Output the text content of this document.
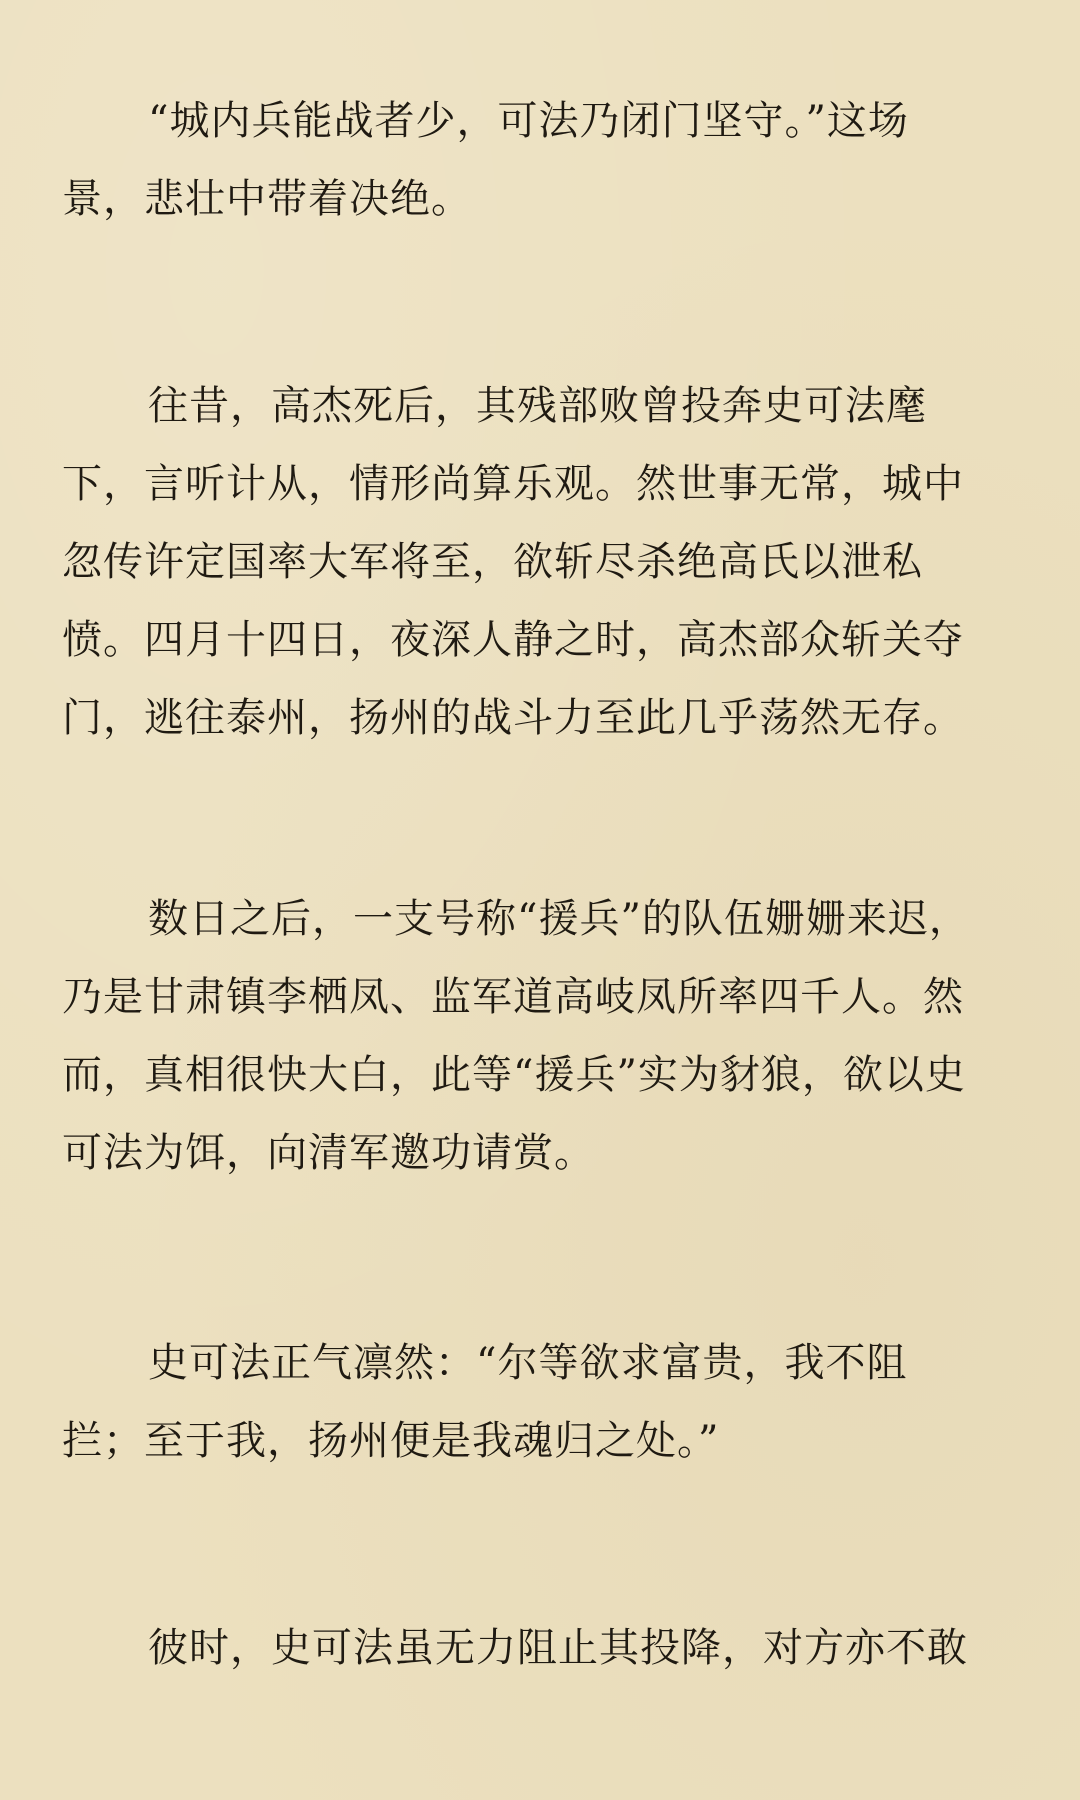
“城内兵能战者少，可法乃闭门坚守。”这场
景，悲壮中带着决绝。

往昔，高杰死后，其残部败曾投奔史可法麾
下，言听计从，情形尚算乐观。然世事无常，城中
忽传许定国率大军将至，欲斩尽杀绝高氏以泄私
愤。四月十四日，夜深人静之时，高杰部众斩关夺
门，逃往泰州，扬州的战斗力至此几乎荡然无存。

数日之后，一支号称“援兵”的队伍姗姗来迟，
乃是甘肃镇李栖凤、监军道高岐凤所率四千人。然
而，真相很快大白，此等“援兵”实为豺狼，欲以史
可法为饵，向清军邀功请赏。

史可法正气凛然：“尔等欲求富贵，我不阻
拦；至于我，扬州便是我魂归之处。”

彼时，史可法虽无力阻止其投降，对方亦不敢
